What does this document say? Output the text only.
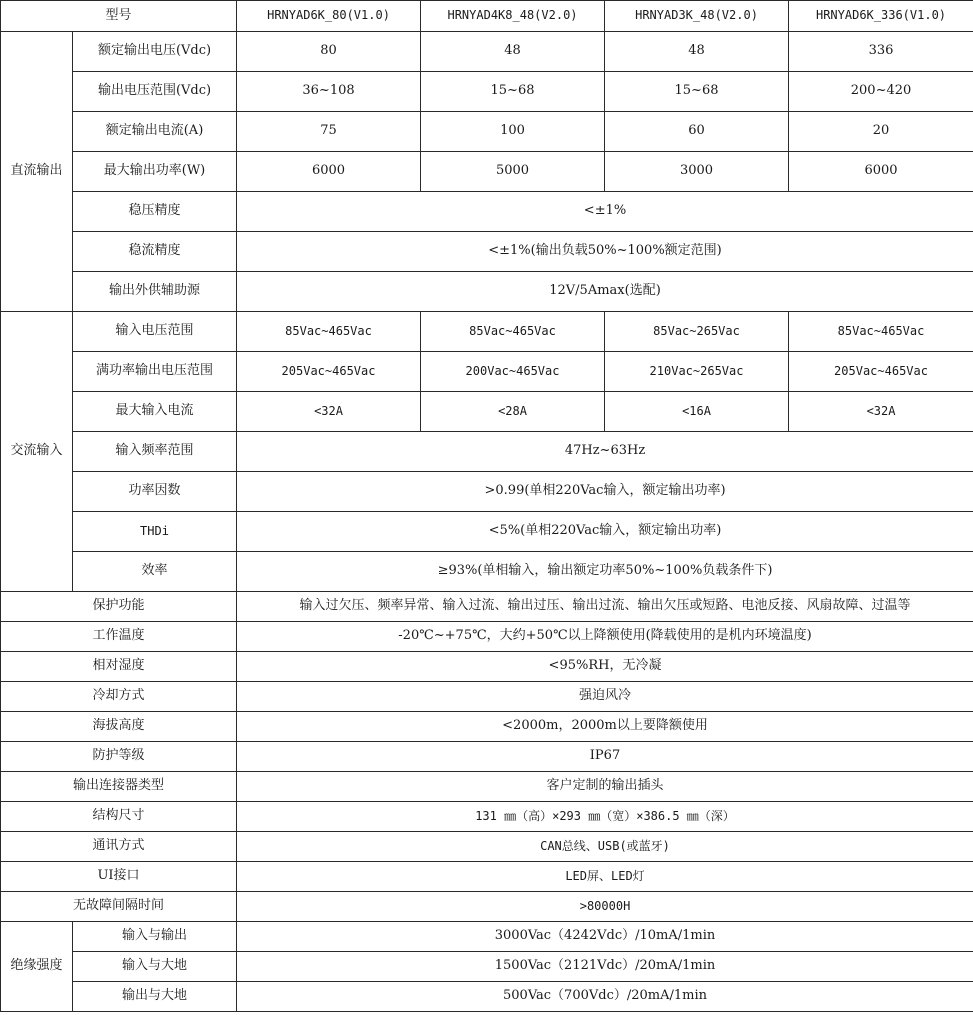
型号		HRNYAD6K_80(V1.0)	HRNYAD4K8_48(V2.0)	HRNYAD3K_48(V2.0)	HRNYAD6K_336(V1.0)
直流输出	额定输出电压(Vdc)	80	48	48	336
	输出电压范围(Vdc)	36~108	15~68	15~68	200~420
	额定输出电流(A)	75	100	60	20
	最大输出功率(W)	6000	5000	3000	6000
	稳压精度	<±1%			
	稳流精度	<±1%(输出负载50%~100%额定范围)			
	输出外供辅助源	12V/5Amax(选配)			
交流输入	输入电压范围	85Vac~465Vac	85Vac~465Vac	85Vac~265Vac	85Vac~465Vac
	满功率输出电压范围	205Vac~465Vac	200Vac~465Vac	210Vac~265Vac	205Vac~465Vac
	最大输入电流	<32A	<28A	<16A	<32A
	输入频率范围	47Hz~63Hz			
	功率因数	>0.99(单相220Vac输入，额定输出功率)			
	THDi	<5%(单相220Vac输入，额定输出功率)			
	效率	≥93%(单相输入，输出额定功率50%~100%负载条件下)			
保护功能		输入过欠压、频率异常、输入过流、输出过压、输出过流、输出欠压或短路、电池反接、风扇故障、过温等			
工作温度		-20℃~+75℃，大约+50℃以上降额使用(降载使用的是机内环境温度)			
相对湿度		<95%RH，无冷凝			
冷却方式		强迫风冷			
海拔高度		<2000m，2000m以上要降额使用			
防护等级		IP67			
输出连接器类型		客户定制的输出插头			
结构尺寸		131 ㎜（高）×293 ㎜（宽）×386.5 ㎜（深）			
通讯方式		CAN总线、USB(或蓝牙)			
UI接口		LED屏、LED灯			
无故障间隔时间		>80000H			
绝缘强度	输入与输出	3000Vac（4242Vdc）/10mA/1min			
	输入与大地	1500Vac（2121Vdc）/20mA/1min			
	输出与大地	500Vac（700Vdc）/20mA/1min			
